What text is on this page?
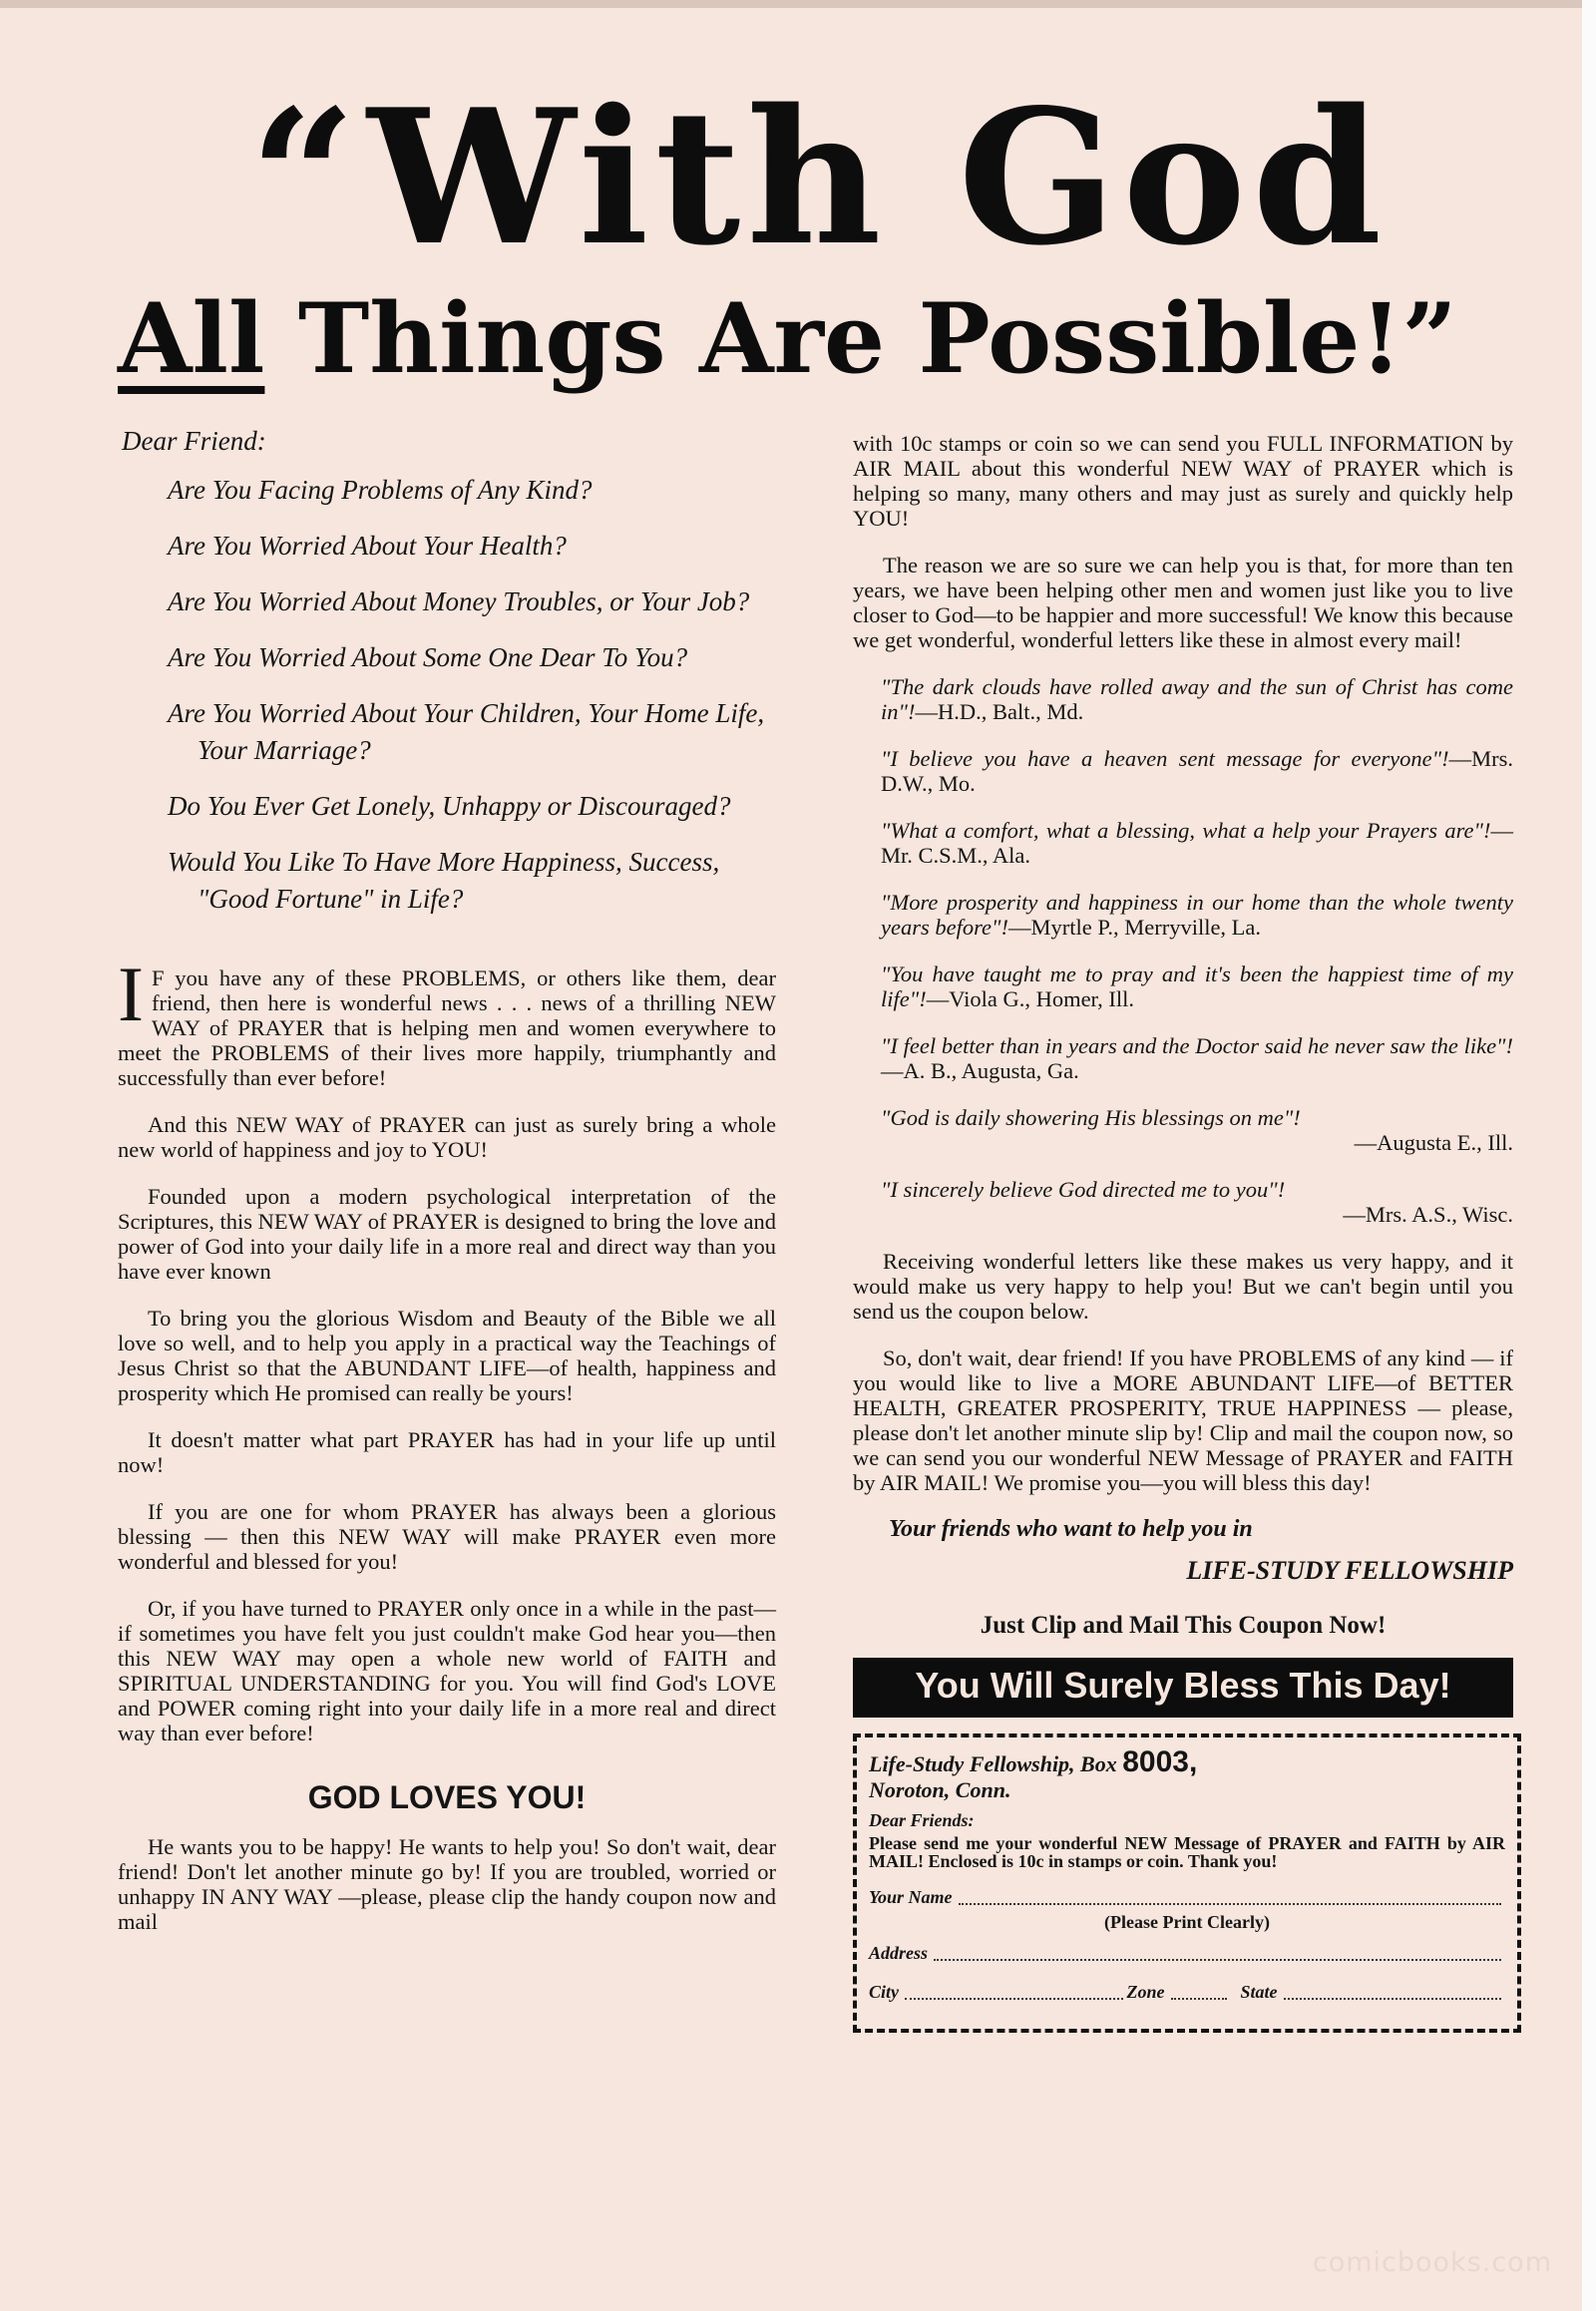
“With God
All Things Are Possible!”
Dear Friend:
Are You Facing Problems of Any Kind?
Are You Worried About Your Health?
Are You Worried About Money Troubles, or Your Job?
Are You Worried About Some One Dear To You?
Are You Worried About Your Children, Your Home Life, Your Marriage?
Do You Ever Get Lonely, Unhappy or Discouraged?
Would You Like To Have More Happiness, Success, "Good Fortune" in Life?

I F you have any of these PROBLEMS, or others like them, dear friend, then here is wonderful news . . . news of a thrilling NEW WAY of PRAYER that is helping men and women everywhere to meet the PROBLEMS of their lives more happily, triumphantly and successfully than ever before!

And this NEW WAY of PRAYER can just as surely bring a whole new world of happiness and joy to YOU!

Founded upon a modern psychological interpretation of the Scriptures, this NEW WAY of PRAYER is designed to bring the love and power of God into your daily life in a more real and direct way than you have ever known

To bring you the glorious Wisdom and Beauty of the Bible we all love so well, and to help you apply in a practical way the Teachings of Jesus Christ so that the ABUNDANT LIFE—of health, happiness and prosperity which He promised can really be yours!

It doesn't matter what part PRAYER has had in your life up until now!

If you are one for whom PRAYER has always been a glorious blessing — then this NEW WAY will make PRAYER even more wonderful and blessed for you!

Or, if you have turned to PRAYER only once in a while in the past—if sometimes you have felt you just couldn't make God hear you—then this NEW WAY may open a whole new world of FAITH and SPIRITUAL UNDERSTANDING for you. You will find God's LOVE and POWER coming right into your daily life in a more real and direct way than ever before!

GOD LOVES YOU!

He wants you to be happy! He wants to help you! So don't wait, dear friend! Don't let another minute go by! If you are troubled, worried or unhappy IN ANY WAY —please, please clip the handy coupon now and mail

with 10c stamps or coin so we can send you FULL INFORMATION by AIR MAIL about this wonderful NEW WAY of PRAYER which is helping so many, many others and may just as surely and quickly help YOU!

The reason we are so sure we can help you is that, for more than ten years, we have been helping other men and women just like you to live closer to God—to be happier and more successful! We know this because we get wonderful, wonderful letters like these in almost every mail!

"The dark clouds have rolled away and the sun of Christ has come in"!—H.D., Balt., Md.
"I believe you have a heaven sent message for everyone"!—Mrs. D.W., Mo.
"What a comfort, what a blessing, what a help your Prayers are"!—Mr. C.S.M., Ala.
"More prosperity and happiness in our home than the whole twenty years before"!—Myrtle P., Merryville, La.
"You have taught me to pray and it's been the happiest time of my life"!—Viola G., Homer, Ill.
"I feel better than in years and the Doctor said he never saw the like"!—A. B., Augusta, Ga.
"God is daily showering His blessings on me"!
—Augusta E., Ill.
"I sincerely believe God directed me to you"!
—Mrs. A.S., Wisc.

Receiving wonderful letters like these makes us very happy, and it would make us very happy to help you! But we can't begin until you send us the coupon below.

So, don't wait, dear friend! If you have PROBLEMS of any kind — if you would like to live a MORE ABUNDANT LIFE—of BETTER HEALTH, GREATER PROSPERITY, TRUE HAPPINESS — please, please don't let another minute slip by! Clip and mail the coupon now, so we can send you our wonderful NEW Message of PRAYER and FAITH by AIR MAIL! We promise you—you will bless this day!

Your friends who want to help you in
LIFE-STUDY FELLOWSHIP
Just Clip and Mail This Coupon Now!
You Will Surely Bless This Day!
Life-Study Fellowship, Box 8003,
Noroton, Conn.
Dear Friends:
Please send me your wonderful NEW Message of PRAYER and FAITH by AIR MAIL! Enclosed is 10c in stamps or coin. Thank you!
Your Name
(Please Print Clearly)
Address
City	Zone	State
comicbooks.com
